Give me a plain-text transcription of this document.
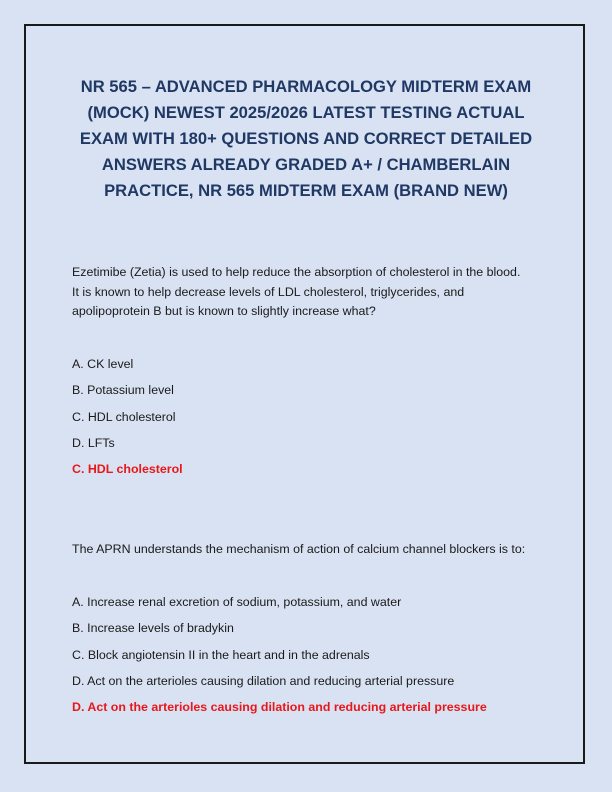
NR 565 – ADVANCED PHARMACOLOGY MIDTERM EXAM
(MOCK) NEWEST 2025/2026 LATEST TESTING ACTUAL
EXAM WITH 180+ QUESTIONS AND CORRECT DETAILED
ANSWERS ALREADY GRADED A+ / CHAMBERLAIN
PRACTICE, NR 565 MIDTERM EXAM (BRAND NEW)

Ezetimibe (Zetia) is used to help reduce the absorption of cholesterol in the blood.
It is known to help decrease levels of LDL cholesterol, triglycerides, and
apolipoprotein B but is known to slightly increase what?

A. CK level

B. Potassium level

C. HDL cholesterol

D. LFTs

C. HDL cholesterol

The APRN understands the mechanism of action of calcium channel blockers is to:

A. Increase renal excretion of sodium, potassium, and water

B. Increase levels of bradykin

C. Block angiotensin II in the heart and in the adrenals

D. Act on the arterioles causing dilation and reducing arterial pressure

D. Act on the arterioles causing dilation and reducing arterial pressure
